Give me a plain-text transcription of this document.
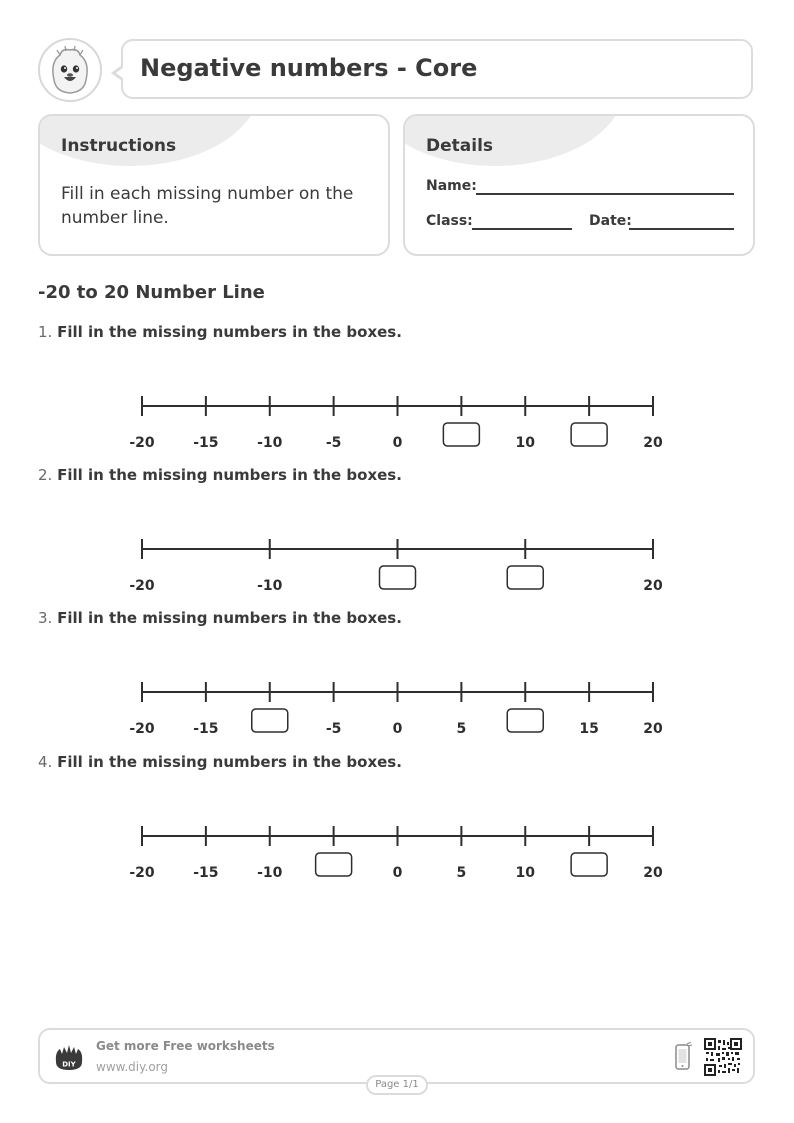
Negative numbers - Core
Instructions
Fill in each missing number on the number line.
Details
Name:
Class:	Date:
-20 to 20 Number Line
1. Fill in the missing numbers in the boxes.
-20	-15	-10	-5	0	10	20
2. Fill in the missing numbers in the boxes.
-20	-10	20
3. Fill in the missing numbers in the boxes.
-20	-15	-5	0	5	15	20
4. Fill in the missing numbers in the boxes.
-20	-15	-10	0	5	10	20
DIY
Get more Free worksheets
www.diy.org
Page 1/1
